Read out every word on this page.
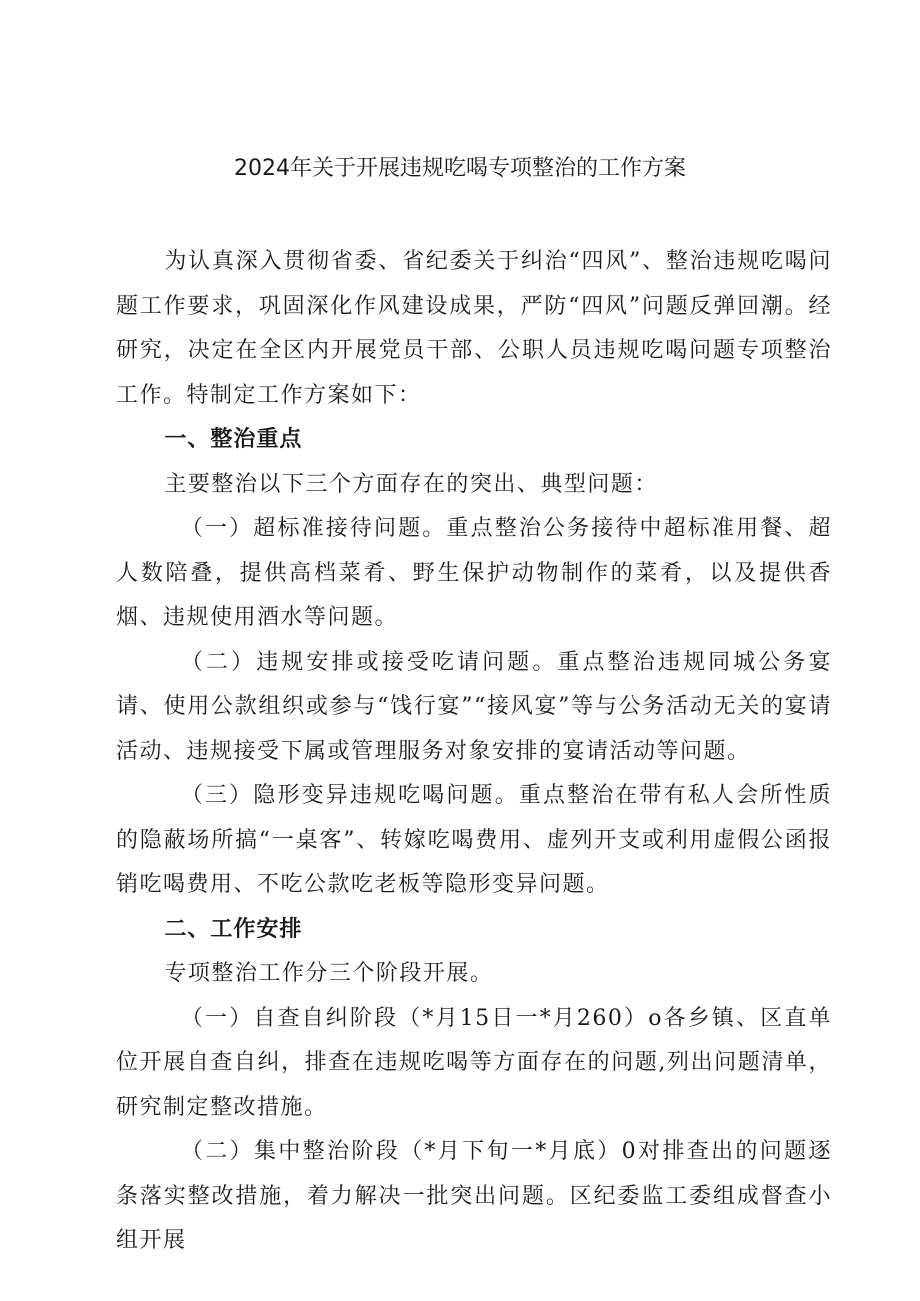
2024年关于开展违规吃喝专项整治的工作方案

为认真深入贯彻省委、省纪委关于纠治“四风”、整治违规吃喝问题工作要求，巩固深化作风建设成果，严防“四风”问题反弹回潮。经研究，决定在全区内开展党员干部、公职人员违规吃喝问题专项整治工作。特制定工作方案如下：

一、整治重点

主要整治以下三个方面存在的突出、典型问题：

（一）超标准接待问题。重点整治公务接待中超标准用餐、超人数陪叠，提供高档菜肴、野生保护动物制作的菜肴，以及提供香烟、违规使用酒水等问题。

（二）违规安排或接受吃请问题。重点整治违规同城公务宴请、使用公款组织或参与“饯行宴”“接风宴”等与公务活动无关的宴请活动、违规接受下属或管理服务对象安排的宴请活动等问题。

（三）隐形变异违规吃喝问题。重点整治在带有私人会所性质的隐蔽场所搞“一桌客”、转嫁吃喝费用、虚列开支或利用虚假公函报销吃喝费用、不吃公款吃老板等隐形变异问题。

二、工作安排

专项整治工作分三个阶段开展。

（一）自查自纠阶段（*月15日一*月260）o各乡镇、区直单位开展自查自纠，排查在违规吃喝等方面存在的问题,列出问题清单，研究制定整改措施。

（二）集中整治阶段（*月下旬一*月底）0对排查出的问题逐条落实整改措施，着力解决一批突出问题。区纪委监工委组成督查小组开展
